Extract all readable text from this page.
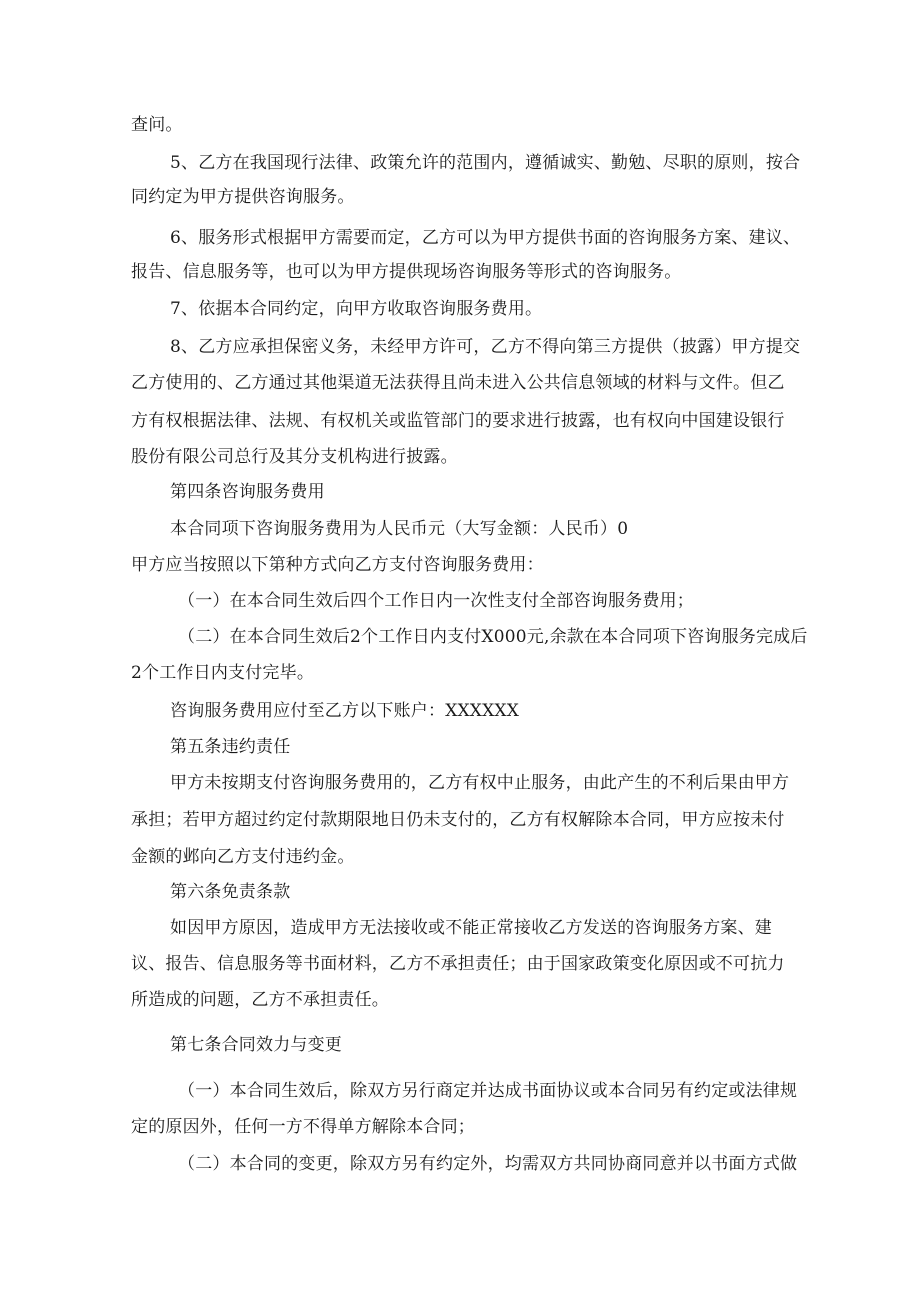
查问。
5、乙方在我国现行法律、政策允许的范围内，遵循诚实、勤勉、尽职的原则，按合
同约定为甲方提供咨询服务。
6、服务形式根据甲方需要而定，乙方可以为甲方提供书面的咨询服务方案、建议、
报告、信息服务等，也可以为甲方提供现场咨询服务等形式的咨询服务。
7、依据本合同约定，向甲方收取咨询服务费用。
8、乙方应承担保密义务，未经甲方许可，乙方不得向第三方提供（披露）甲方提交
乙方使用的、乙方通过其他渠道无法获得且尚未进入公共信息领域的材料与文件。但乙
方有权根据法律、法规、有权机关或监管部门的要求进行披露，也有权向中国建设银行
股份有限公司总行及其分支机构进行披露。
第四条咨询服务费用
本合同项下咨询服务费用为人民币元（大写金额：人民币）0
甲方应当按照以下第种方式向乙方支付咨询服务费用：
（一）在本合同生效后四个工作日内一次性支付全部咨询服务费用；
（二）在本合同生效后2个工作日内支付X000元,余款在本合同项下咨询服务完成后
2个工作日内支付完毕。
咨询服务费用应付至乙方以下账户：XXXXXX
第五条违约责任
甲方未按期支付咨询服务费用的，乙方有权中止服务，由此产生的不利后果由甲方
承担；若甲方超过约定付款期限地日仍未支付的，乙方有权解除本合同，甲方应按未付
金额的邺向乙方支付违约金。
第六条免责条款
如因甲方原因，造成甲方无法接收或不能正常接收乙方发送的咨询服务方案、建
议、报告、信息服务等书面材料，乙方不承担责任；由于国家政策变化原因或不可抗力
所造成的问题，乙方不承担责任。
第七条合同效力与变更
（一）本合同生效后，除双方另行商定并达成书面协议或本合同另有约定或法律规
定的原因外，任何一方不得单方解除本合同；
（二）本合同的变更，除双方另有约定外，均需双方共同协商同意并以书面方式做
